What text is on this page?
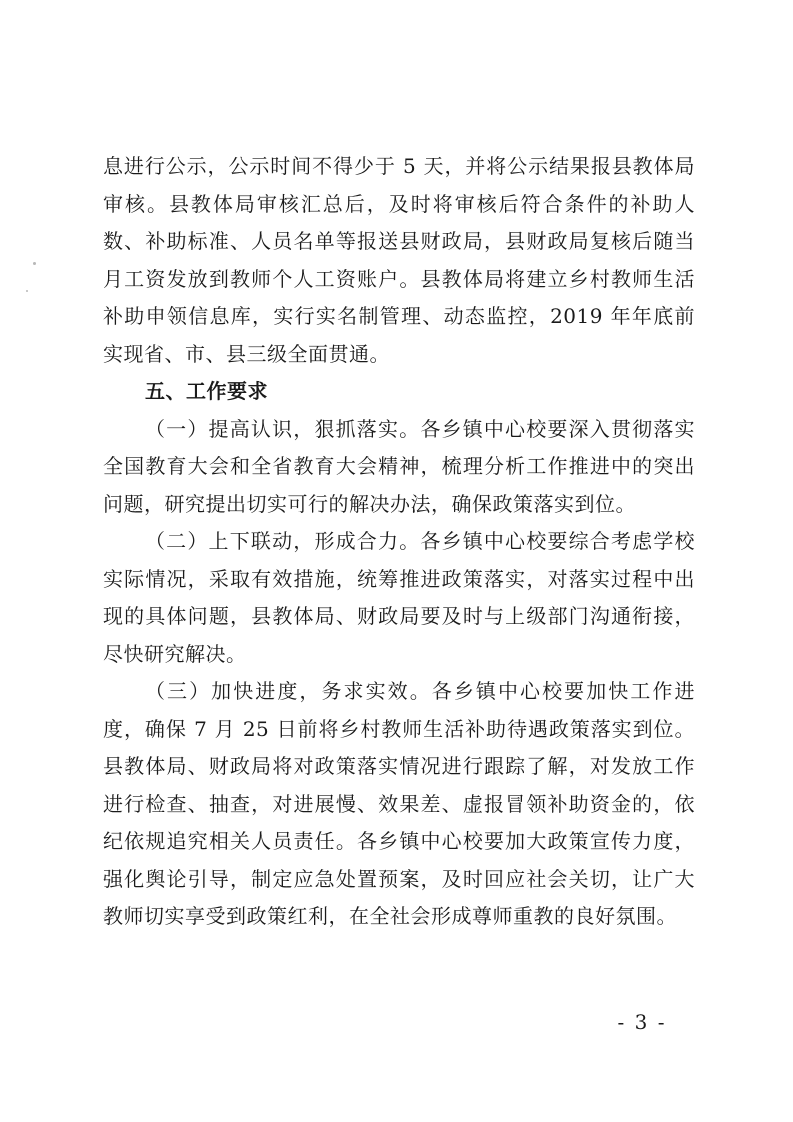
息进行公示，公示时间不得少于 5 天，并将公示结果报县教体局审核。县教体局审核汇总后，及时将审核后符合条件的补助人数、补助标准、人员名单等报送县财政局，县财政局复核后随当月工资发放到教师个人工资账户。县教体局将建立乡村教师生活补助申领信息库，实行实名制管理、动态监控，2019 年年底前实现省、市、县三级全面贯通。

五、工作要求

（一）提高认识，狠抓落实。各乡镇中心校要深入贯彻落实全国教育大会和全省教育大会精神，梳理分析工作推进中的突出问题，研究提出切实可行的解决办法，确保政策落实到位。

（二）上下联动，形成合力。各乡镇中心校要综合考虑学校实际情况，采取有效措施，统筹推进政策落实，对落实过程中出现的具体问题，县教体局、财政局要及时与上级部门沟通衔接，尽快研究解决。

（三）加快进度，务求实效。各乡镇中心校要加快工作进度，确保 7 月 25 日前将乡村教师生活补助待遇政策落实到位。县教体局、财政局将对政策落实情况进行跟踪了解，对发放工作进行检查、抽查，对进展慢、效果差、虚报冒领补助资金的，依纪依规追究相关人员责任。各乡镇中心校要加大政策宣传力度，强化舆论引导，制定应急处置预案，及时回应社会关切，让广大教师切实享受到政策红利，在全社会形成尊师重教的良好氛围。

- 3 -
